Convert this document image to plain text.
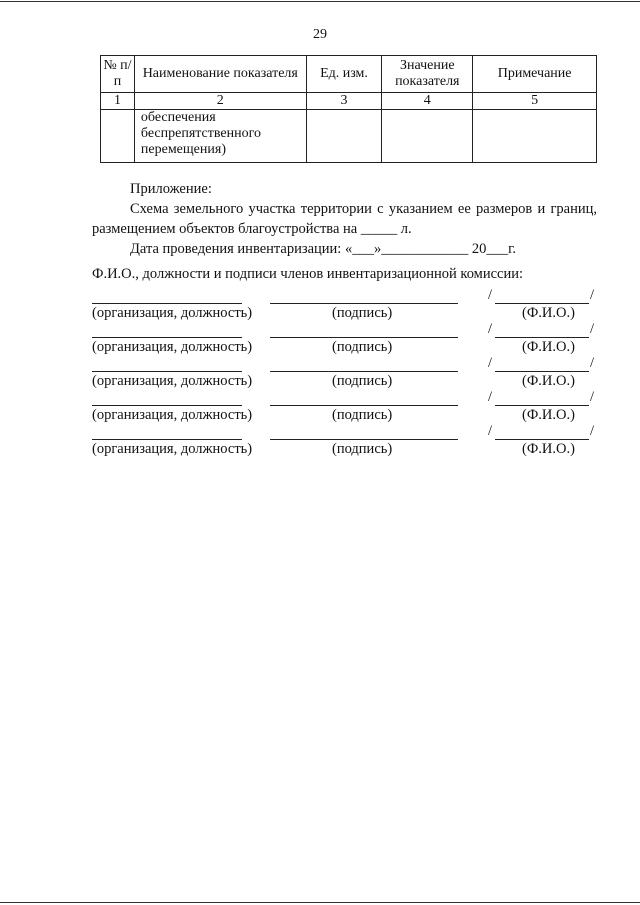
29
№ п/п	Наименование показателя	Ед. изм.	Значение показателя	Примечание
1	2	3	4	5
	обеспечения беспрепятственного перемещения)			

Приложение:

Схема земельного участка территории с указанием ее размеров и границ, размещением объектов благоустройства на _____ л.

Дата проведения инвентаризации: «___»____________ 20___г.

Ф.И.О., должности и подписи членов инвентаризационной комиссии:
/	/
(организация, должность)	(подпись)	(Ф.И.О.)
/	/
(организация, должность)	(подпись)	(Ф.И.О.)
/	/
(организация, должность)	(подпись)	(Ф.И.О.)
/	/
(организация, должность)	(подпись)	(Ф.И.О.)
/	/
(организация, должность)	(подпись)	(Ф.И.О.)
